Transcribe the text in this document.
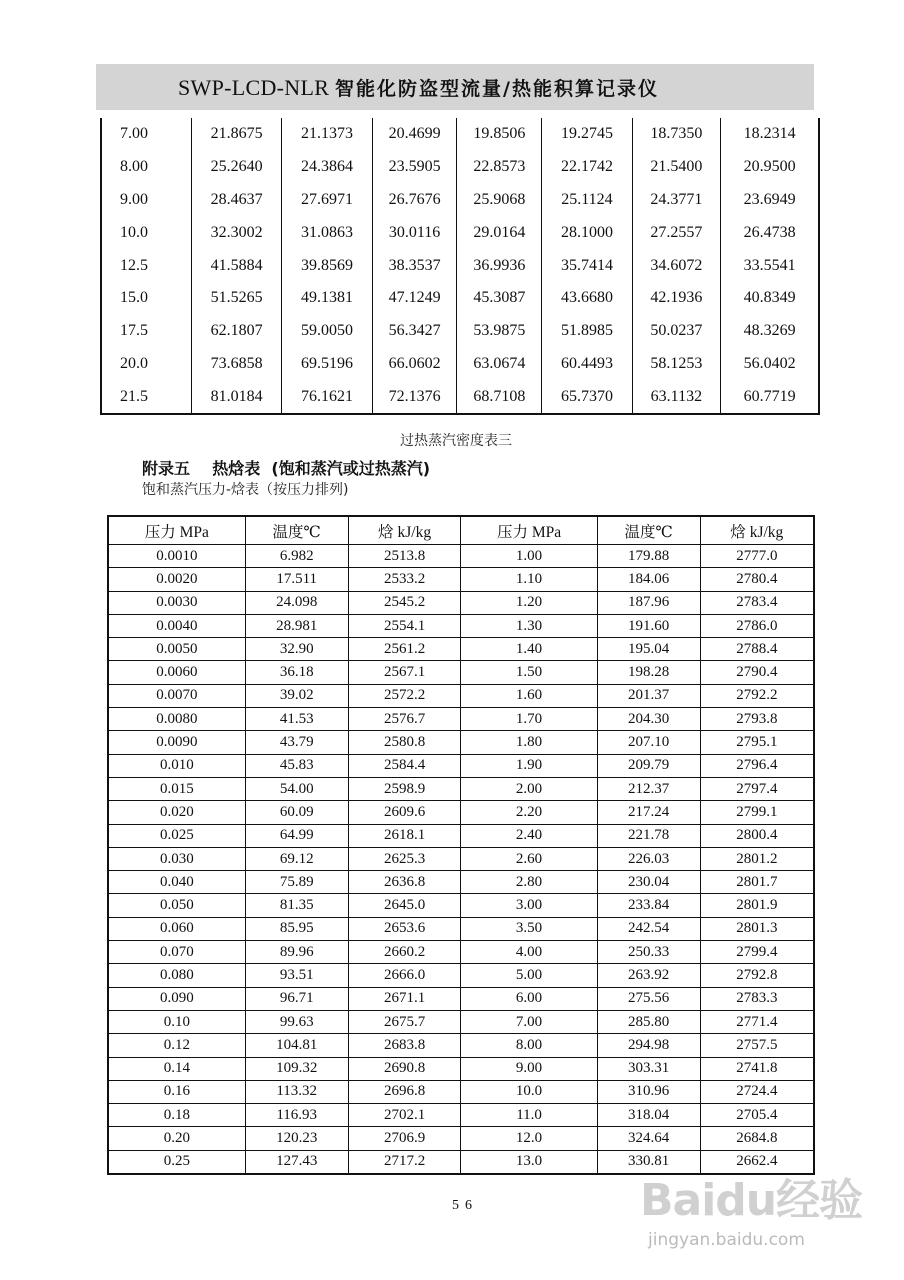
SWP-LCD-NLR 智能化防盗型流量/热能积算记录仪
7.00	21.8675	21.1373	20.4699	19.8506	19.2745	18.7350	18.2314
8.00	25.2640	24.3864	23.5905	22.8573	22.1742	21.5400	20.9500
9.00	28.4637	27.6971	26.7676	25.9068	25.1124	24.3771	23.6949
10.0	32.3002	31.0863	30.0116	29.0164	28.1000	27.2557	26.4738
12.5	41.5884	39.8569	38.3537	36.9936	35.7414	34.6072	33.5541
15.0	51.5265	49.1381	47.1249	45.3087	43.6680	42.1936	40.8349
17.5	62.1807	59.0050	56.3427	53.9875	51.8985	50.0237	48.3269
20.0	73.6858	69.5196	66.0602	63.0674	60.4493	58.1253	56.0402
21.5	81.0184	76.1621	72.1376	68.7108	65.7370	63.1132	60.7719
过热蒸汽密度表三
附录五    热焓表  (饱和蒸汽或过热蒸汽)
饱和蒸汽压力-焓表（按压力排列)
压力 MPa	温度℃	焓 kJ/kg	压力 MPa	温度℃	焓 kJ/kg
0.0010	6.982	2513.8	1.00	179.88	2777.0
0.0020	17.511	2533.2	1.10	184.06	2780.4
0.0030	24.098	2545.2	1.20	187.96	2783.4
0.0040	28.981	2554.1	1.30	191.60	2786.0
0.0050	32.90	2561.2	1.40	195.04	2788.4
0.0060	36.18	2567.1	1.50	198.28	2790.4
0.0070	39.02	2572.2	1.60	201.37	2792.2
0.0080	41.53	2576.7	1.70	204.30	2793.8
0.0090	43.79	2580.8	1.80	207.10	2795.1
0.010	45.83	2584.4	1.90	209.79	2796.4
0.015	54.00	2598.9	2.00	212.37	2797.4
0.020	60.09	2609.6	2.20	217.24	2799.1
0.025	64.99	2618.1	2.40	221.78	2800.4
0.030	69.12	2625.3	2.60	226.03	2801.2
0.040	75.89	2636.8	2.80	230.04	2801.7
0.050	81.35	2645.0	3.00	233.84	2801.9
0.060	85.95	2653.6	3.50	242.54	2801.3
0.070	89.96	2660.2	4.00	250.33	2799.4
0.080	93.51	2666.0	5.00	263.92	2792.8
0.090	96.71	2671.1	6.00	275.56	2783.3
0.10	99.63	2675.7	7.00	285.80	2771.4
0.12	104.81	2683.8	8.00	294.98	2757.5
0.14	109.32	2690.8	9.00	303.31	2741.8
0.16	113.32	2696.8	10.0	310.96	2724.4
0.18	116.93	2702.1	11.0	318.04	2705.4
0.20	120.23	2706.9	12.0	324.64	2684.8
0.25	127.43	2717.2	13.0	330.81	2662.4
56	Baidu经验
jingyan.baidu.com
